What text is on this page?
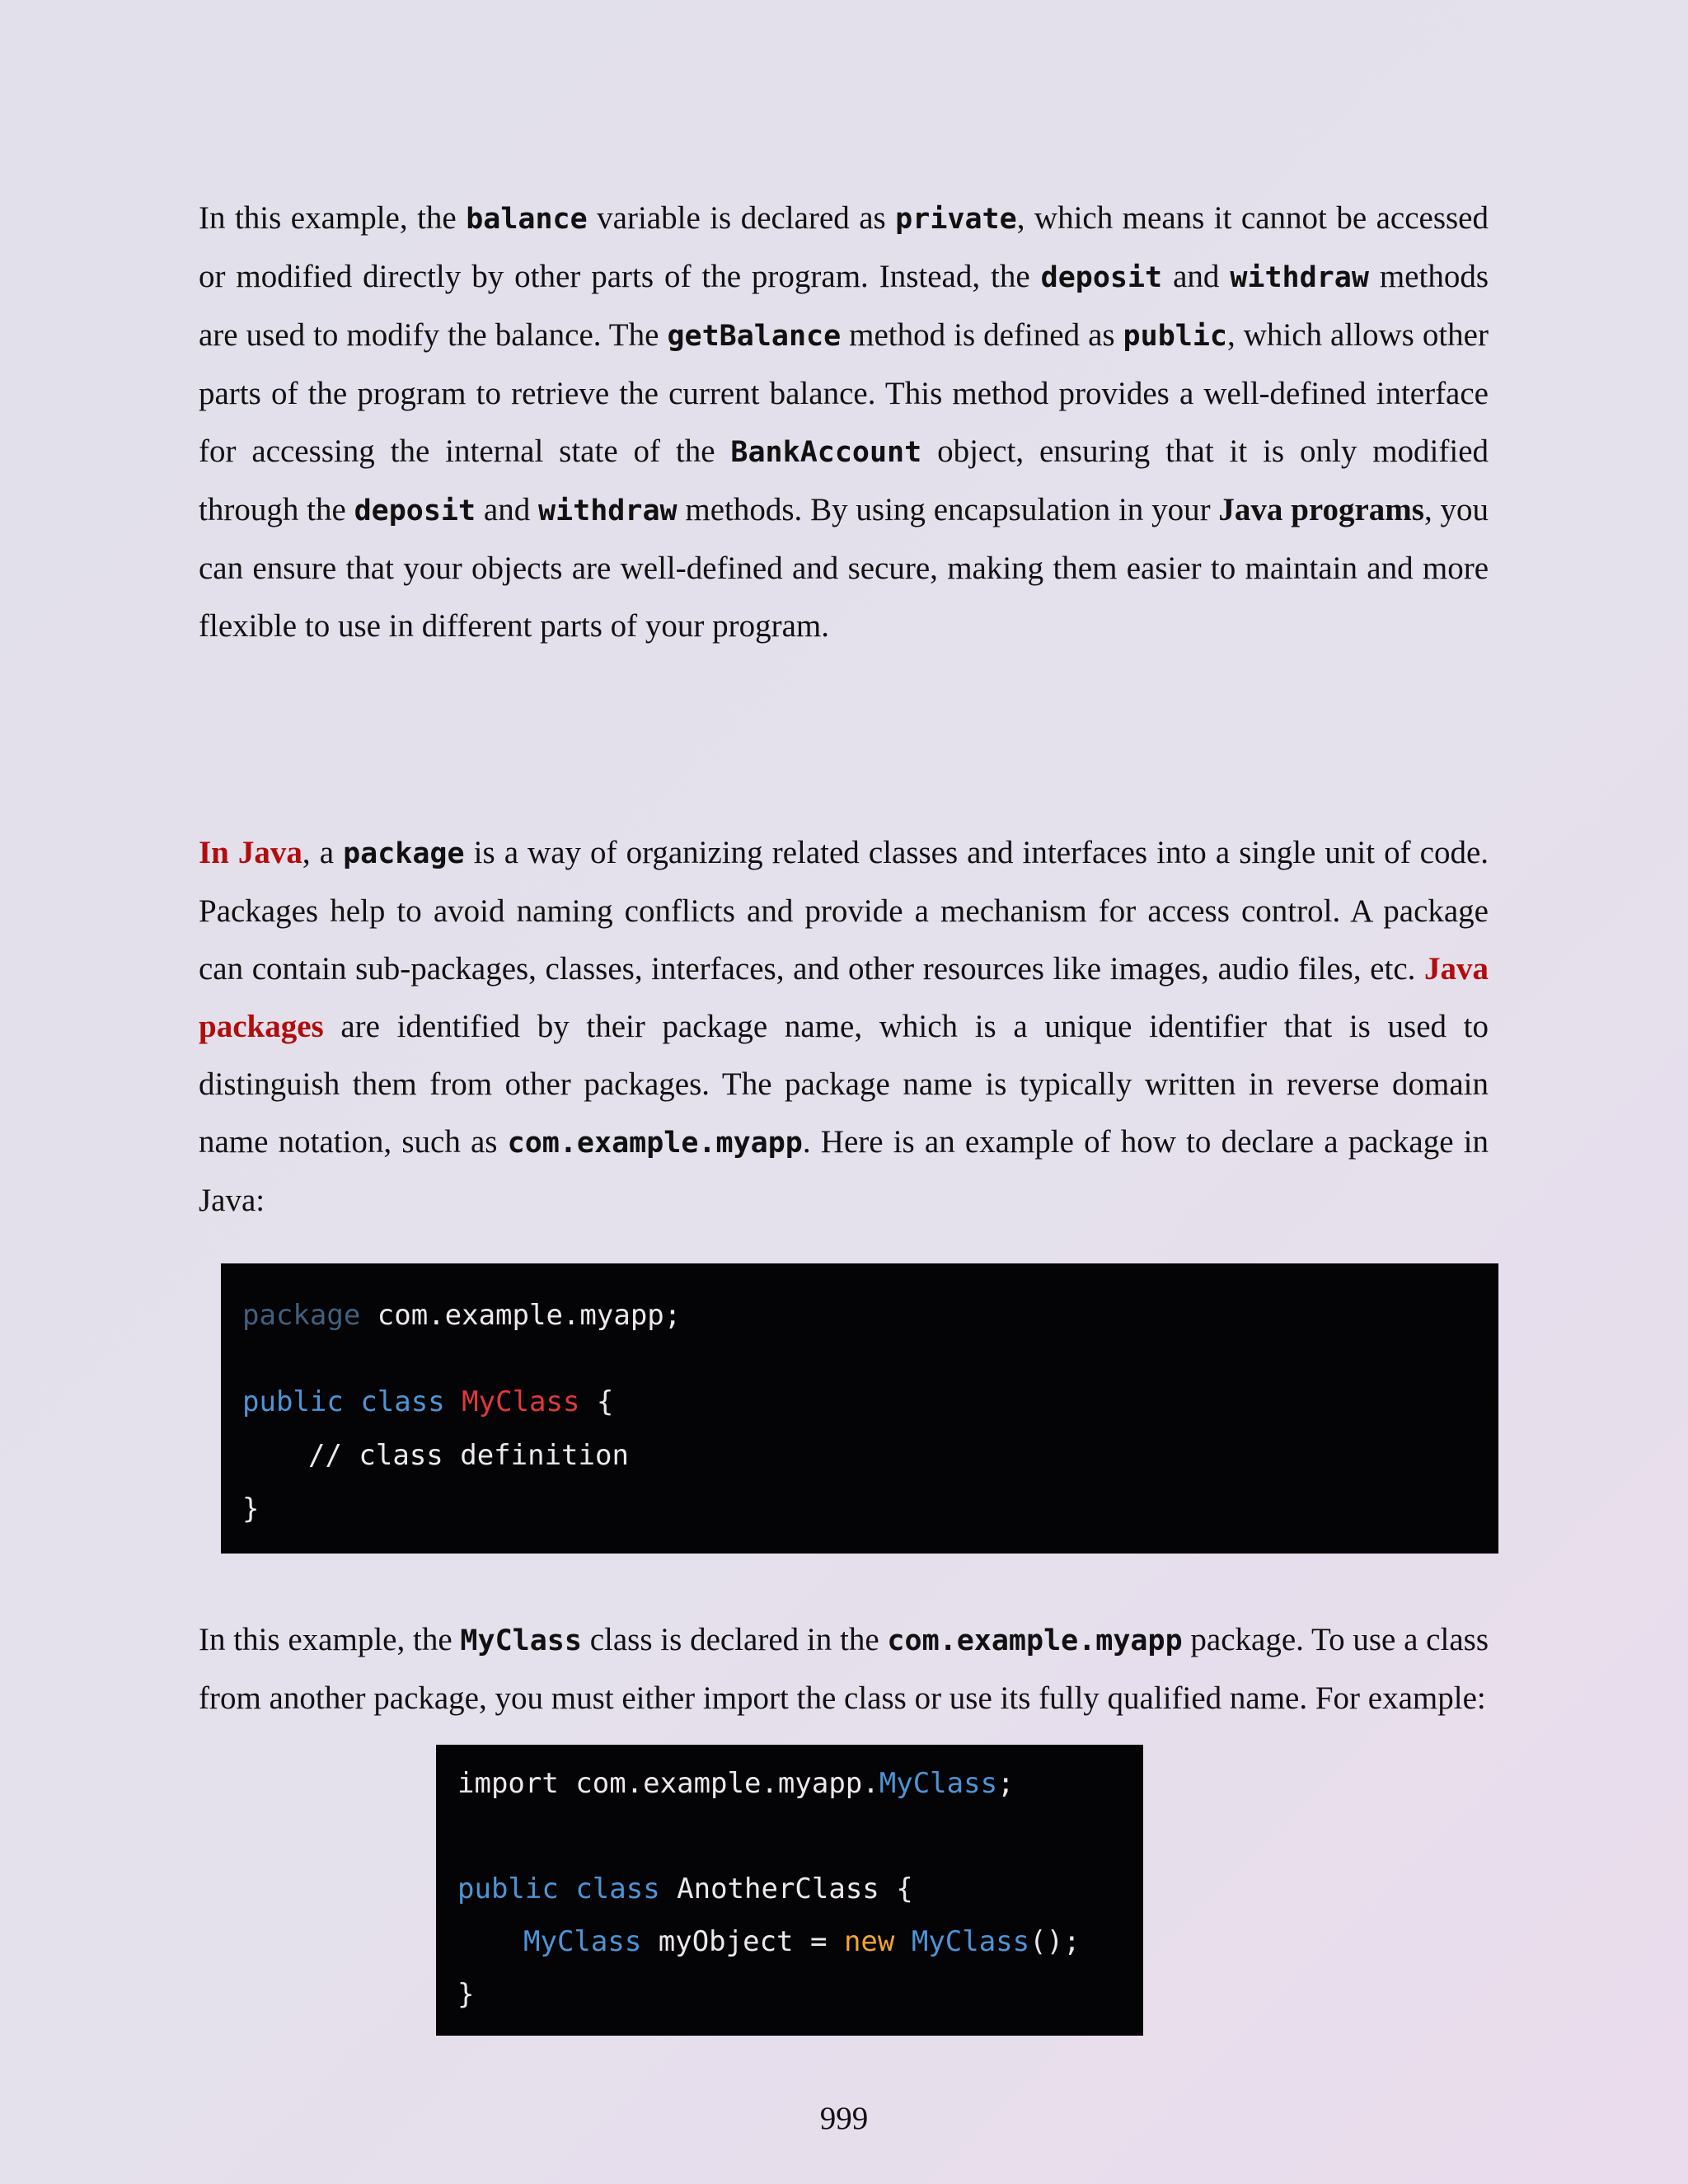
In this example, the balance variable is declared as private, which means it cannot be accessed or modified directly by other parts of the program. Instead, the deposit and withdraw methods are used to modify the balance. The getBalance method is defined as public, which allows other parts of the program to retrieve the current balance. This method provides a well-defined interface for accessing the internal state of the BankAccount object, ensuring that it is only modified through the deposit and withdraw methods. By using encapsulation in your Java programs, you can ensure that your objects are well-defined and secure, making them easier to maintain and more flexible to use in different parts of your program.

In Java, a package is a way of organizing related classes and interfaces into a single unit of code. Packages help to avoid naming conflicts and provide a mechanism for access control. A package can contain sub-packages, classes, interfaces, and other resources like images, audio files, etc. Java packages are identified by their package name, which is a unique identifier that is used to distinguish them from other packages. The package name is typically written in reverse domain name notation, such as com.example.myapp. Here is an example of how to declare a package in Java:

package com.example.myapp;
public class MyClass {
// class definition
}

In this example, the MyClass class is declared in the com.example.myapp package. To use a class from another package, you must either import the class or use its fully qualified name. For example:

import com.example.myapp.MyClass;
public class AnotherClass {
MyClass myObject = new MyClass();
}
999
